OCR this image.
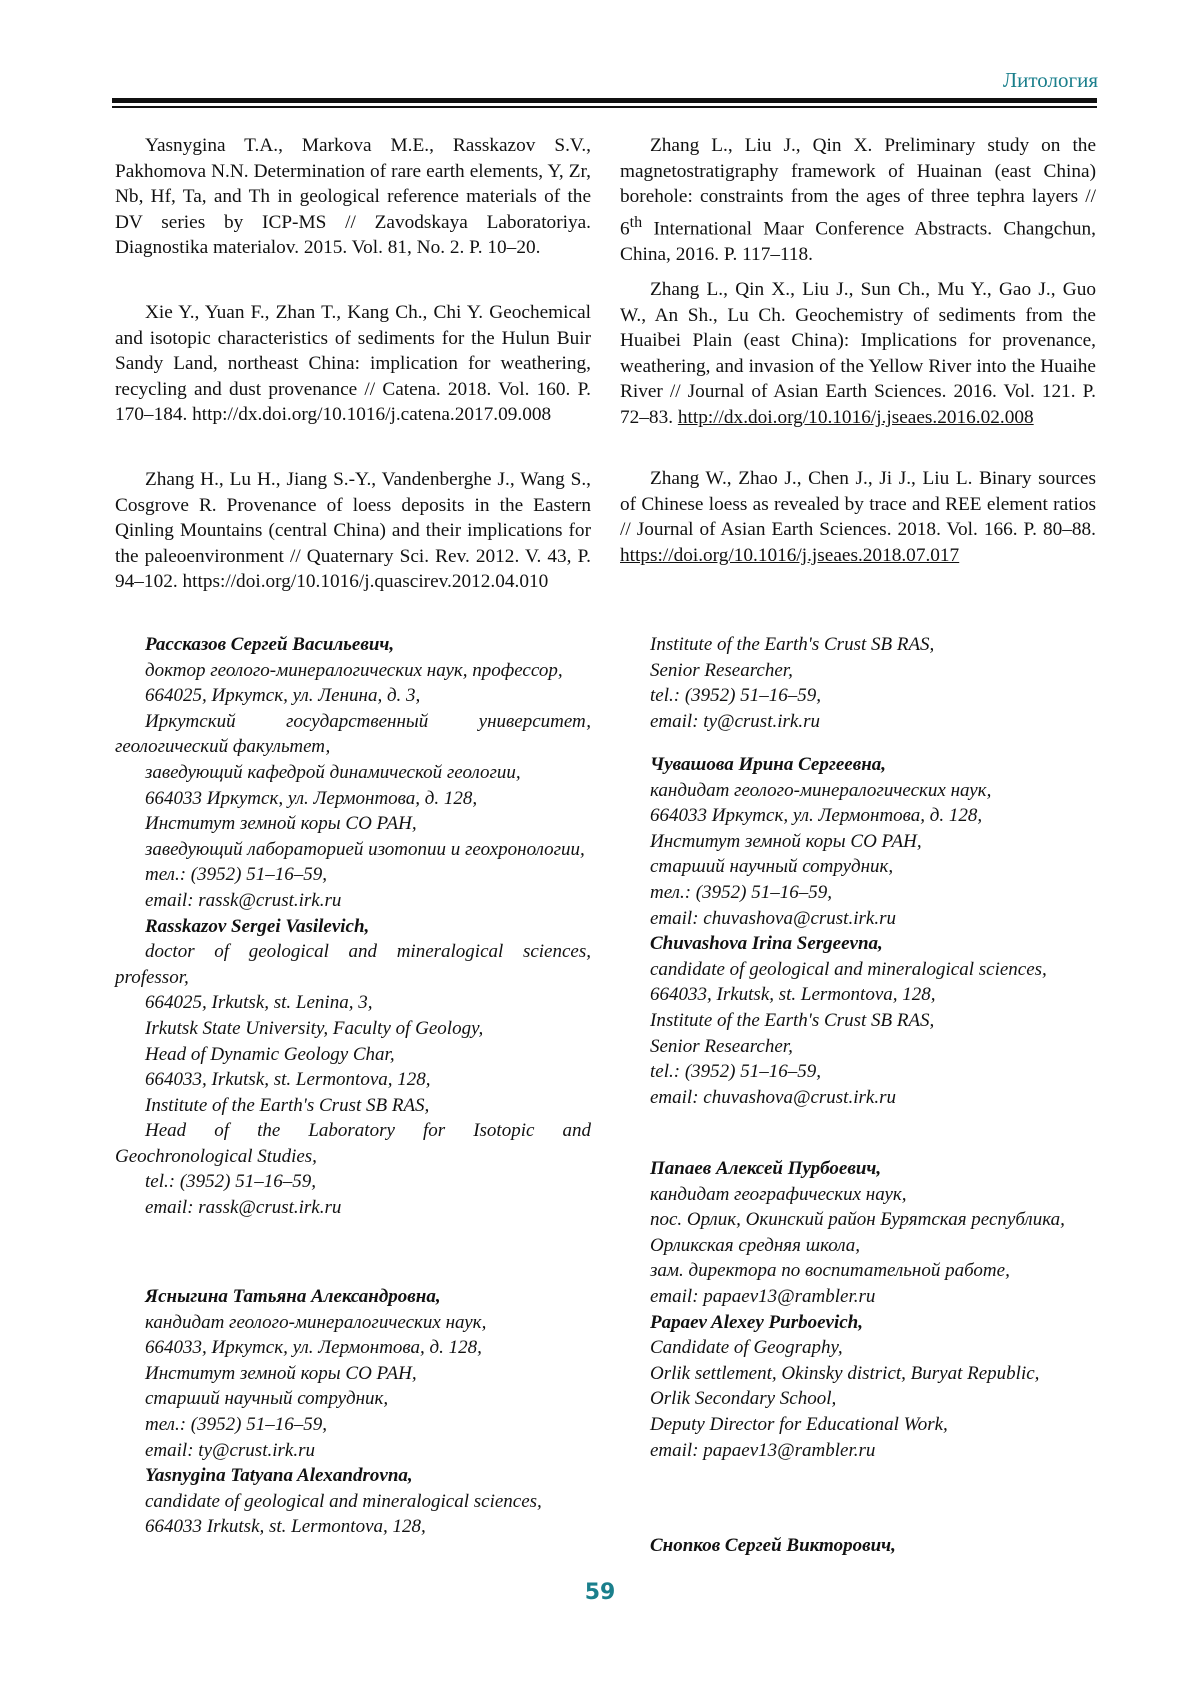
Литология

Yasnygina T.A., Markova M.E., Rasskazov S.V., Pakhomova N.N. Determination of rare earth elements, Y, Zr, Nb, Hf, Ta, and Th in geological reference materials of the DV series by ICP-MS // Zavodskaya Laboratoriya. Diagnostika materialov. 2015. Vol. 81, No. 2. P. 10–20.

Xie Y., Yuan F., Zhan T., Kang Ch., Chi Y. Geochemical and isotopic characteristics of sediments for the Hulun Buir Sandy Land, northeast China: implication for weathering, recycling and dust provenance // Catena. 2018. Vol. 160. P. 170–184. http://dx.doi.org/10.1016/j.catena.2017.09.008

Zhang H., Lu H., Jiang S.-Y., Vandenberghe J., Wang S., Cosgrove R. Provenance of loess deposits in the Eastern Qinling Mountains (central China) and their implications for the paleoenvironment // Quaternary Sci. Rev. 2012. V. 43, P. 94–102. https://doi.org/10.1016/j.quascirev.2012.04.010

Zhang L., Liu J., Qin X. Preliminary study on the magnetostratigraphy framework of Huainan (east China) borehole: constraints from the ages of three tephra layers // 6th International Maar Conference Abstracts. Changchun, China, 2016. P. 117–118.

Zhang L., Qin X., Liu J., Sun Ch., Mu Y., Gao J., Guo W., An Sh., Lu Ch. Geochemistry of sediments from the Huaibei Plain (east China): Implications for provenance, weathering, and invasion of the Yellow River into the Huaihe River // Journal of Asian Earth Sciences. 2016. Vol. 121. P. 72–83. http://dx.doi.org/10.1016/j.jseaes.2016.02.008

Zhang W., Zhao J., Chen J., Ji J., Liu L. Binary sources of Chinese loess as revealed by trace and REE element ratios // Journal of Asian Earth Sciences. 2018. Vol. 166. P. 80–88. https://doi.org/10.1016/j.jseaes.2018.07.017

Рассказов Сергей Васильевич,

доктор геолого-минералогических наук, профессор,

664025, Иркутск, ул. Ленина, д. 3,

Иркутский государственный университет, геологический факультет,

заведующий кафедрой динамической геологии,

664033 Иркутск, ул. Лермонтова, д. 128,

Институт земной коры СО РАН,

заведующий лабораторией изотопии и геохронологии,

тел.: (3952) 51–16–59,

email: rassk@crust.irk.ru

Rasskazov Sergei Vasilevich,

doctor of geological and mineralogical sciences, professor,

664025, Irkutsk, st. Lenina, 3,

Irkutsk State University, Faculty of Geology,

Head of Dynamic Geology Char,

664033, Irkutsk, st. Lermontova, 128,

Institute of the Earth's Crust SB RAS,

Head of the Laboratory for Isotopic and Geochronological Studies,

tel.: (3952) 51–16–59,

email: rassk@crust.irk.ru

Ясныгина Татьяна Александровна,

кандидат геолого-минералогических наук,

664033, Иркутск, ул. Лермонтова, д. 128,

Институт земной коры СО РАН,

старший научный сотрудник,

тел.: (3952) 51–16–59,

email: ty@crust.irk.ru

Yasnygina Tatyana Alexandrovna,

candidate of geological and mineralogical sciences,

664033 Irkutsk, st. Lermontova, 128,

Institute of the Earth's Crust SB RAS,

Senior Researcher,

tel.: (3952) 51–16–59,

email: ty@crust.irk.ru

Чувашова Ирина Сергеевна,

кандидат геолого-минералогических наук,

664033 Иркутск, ул. Лермонтова, д. 128,

Институт земной коры СО РАН,

старший научный сотрудник,

тел.: (3952) 51–16–59,

email: chuvashova@crust.irk.ru

Chuvashova Irina Sergeevna,

candidate of geological and mineralogical sciences,

664033, Irkutsk, st. Lermontova, 128,

Institute of the Earth's Crust SB RAS,

Senior Researcher,

tel.: (3952) 51–16–59,

email: chuvashova@crust.irk.ru

Папаев Алексей Пурбоевич,

кандидат географических наук,

пос. Орлик, Окинский район Бурятская республика,

Орликская средняя школа,

зам. директора по воспитательной работе,

email: papaev13@rambler.ru

Papaev Alexey Purboevich,

Candidate of Geography,

Orlik settlement, Okinsky district, Buryat Republic,

Orlik Secondary School,

Deputy Director for Educational Work,

email: papaev13@rambler.ru

Снопков Сергей Викторович,

59
